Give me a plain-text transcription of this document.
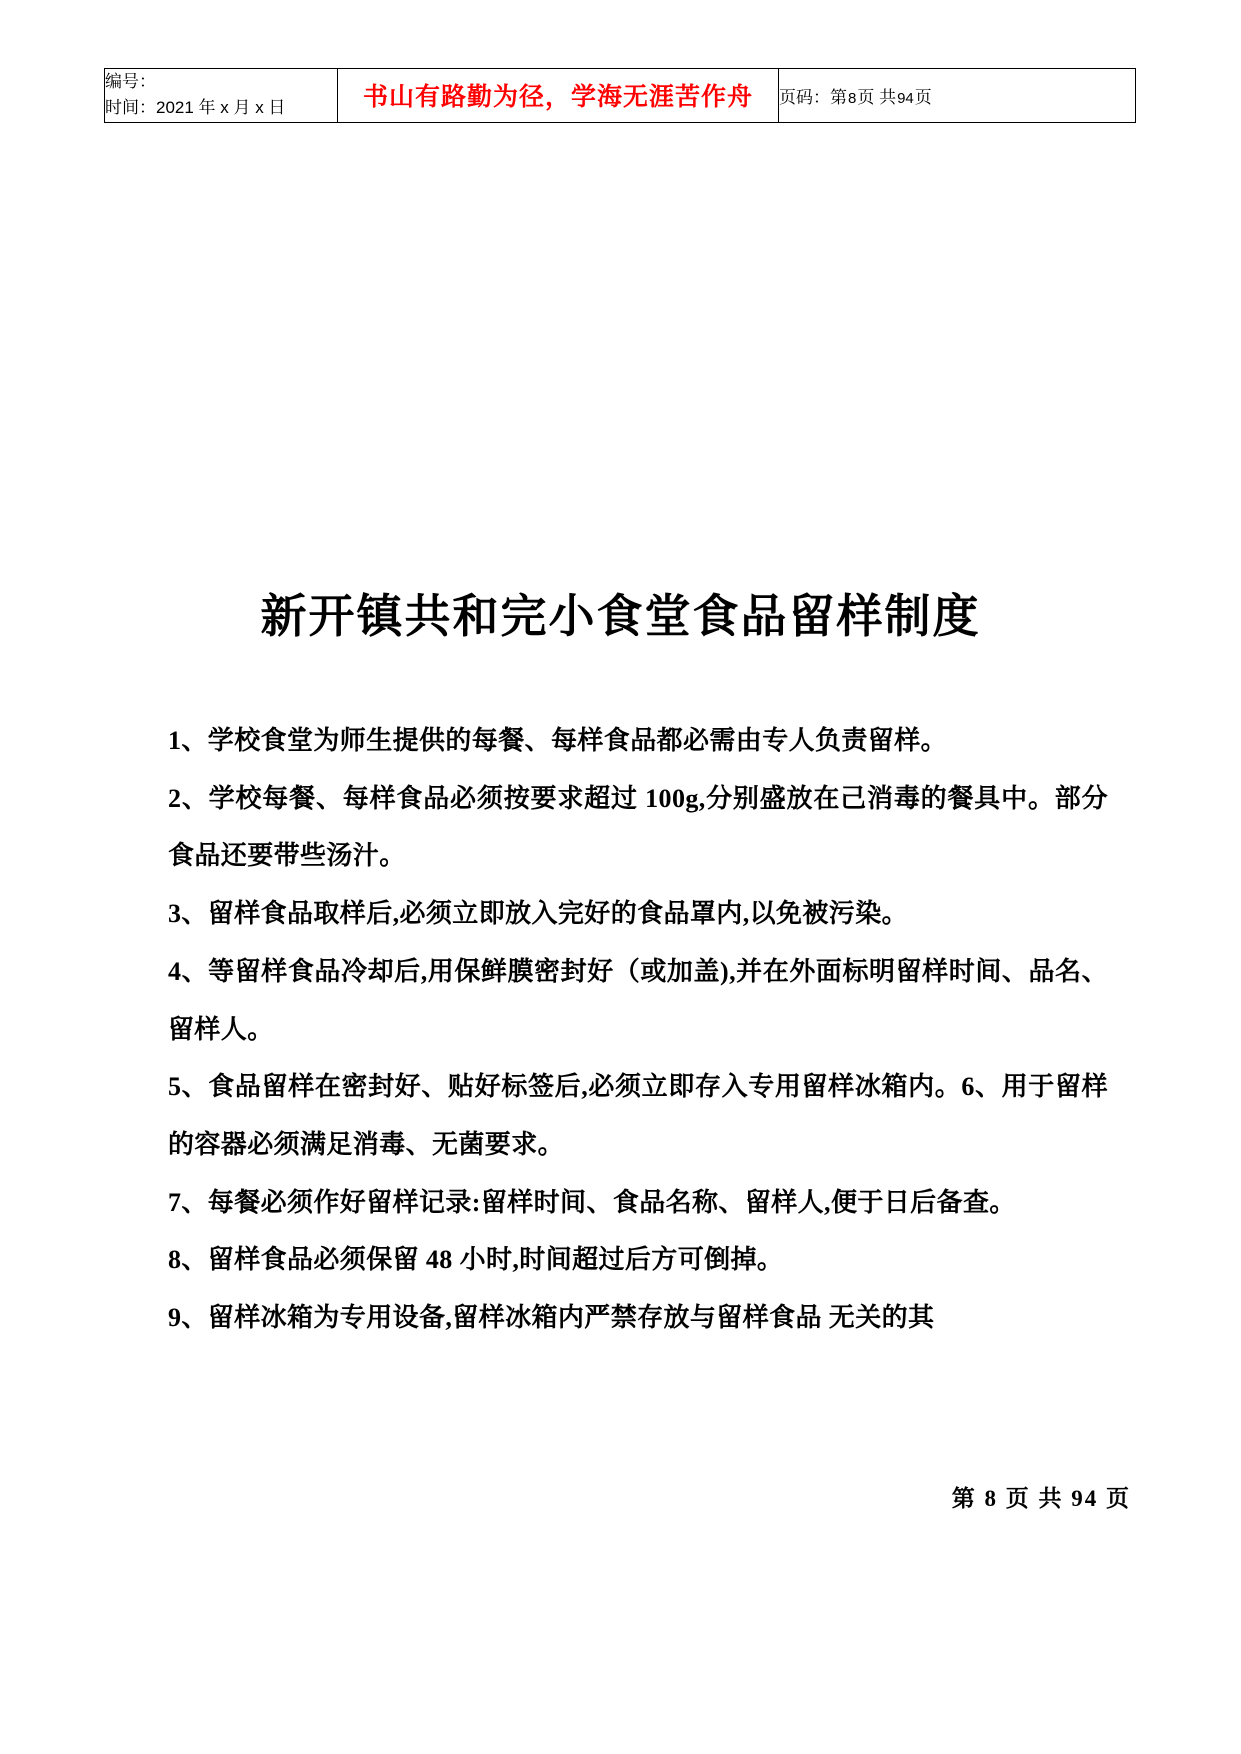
编号：
时间：2021 年 x 月 x 日	书山有路勤为径，学海无涯苦作舟	页码：第8页 共94页
新开镇共和完小食堂食品留样制度

1、学校食堂为师生提供的每餐、每样食品都必需由专人负责留样。

2、学校每餐、每样食品必须按要求超过 100g,分别盛放在己消毒的餐具中。部分食品还要带些汤汁。

3、留样食品取样后,必须立即放入完好的食品罩内,以免被污染。

4、等留样食品冷却后,用保鲜膜密封好（或加盖),并在外面标明留样时间、品名、留样人。

5、食品留样在密封好、贴好标签后,必须立即存入专用留样冰箱内。6、用于留样的容器必须满足消毒、无菌要求。

7、每餐必须作好留样记录:留样时间、食品名称、留样人,便于日后备查。

8、留样食品必须保留 48 小时,时间超过后方可倒掉。

9、留样冰箱为专用设备,留样冰箱内严禁存放与留样食品 无关的其

第 8 页 共 94 页
